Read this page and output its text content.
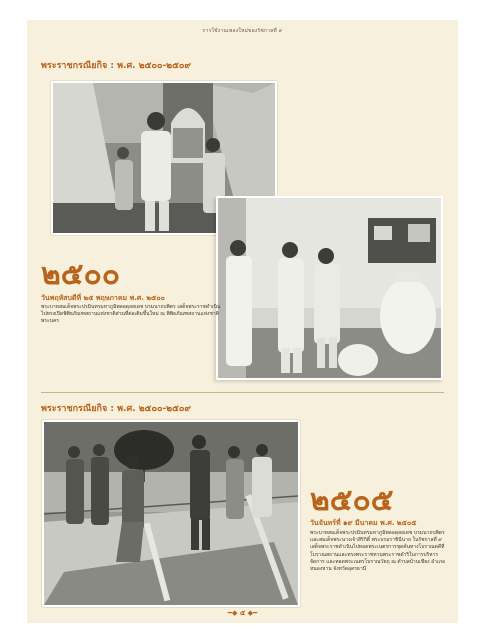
การใช้งานเพลงใหม่ของรัชกาลที่ ๙
พระราชกรณียกิจ : พ.ศ. ๒๕๐๐-๒๕๐๙
๒๕๐๐
วันพฤหัสบดีที่ ๒๕ พฤษภาคม พ.ศ. ๒๕๐๐
พระบาทสมเด็จพระปรมินทรมหาภูมิพลอดุลยเดช บรมนาถบพิตร เสด็จพระราชดำเนินไปทรงเปิดพิพิธภัณฑสถานแห่งชาติส่วนที่ต่อเติมขึ้นใหม่ ณ พิพิธภัณฑสถานแห่งชาติ พระนคร
พระราชกรณียกิจ : พ.ศ. ๒๕๐๐-๒๕๐๙
๒๕๐๕
วันจันทร์ที่ ๑๙ มีนาคม พ.ศ. ๒๕๐๕
พระบาทสมเด็จพระปรมินทรมหาภูมิพลอดุลยเดช บรมนาถบพิตร และสมเด็จพระนางเจ้าสิริกิติ์ พระบรมราชินีนาถ ในรัชกาลที่ ๙ เสด็จพระราชดำเนินไปทอดพระเนตรการขุดค้นทางโบราณคดีที่โบราณสถานและทรงพระราชทานพระราชดำริในการบริหารจัดการ และทอดพระเนตรโบราณวัตถุ ณ ตำบลบ้านเชียง อำเภอหนองหาน จังหวัดอุดรธานี
━◆ ๕ ◆━
